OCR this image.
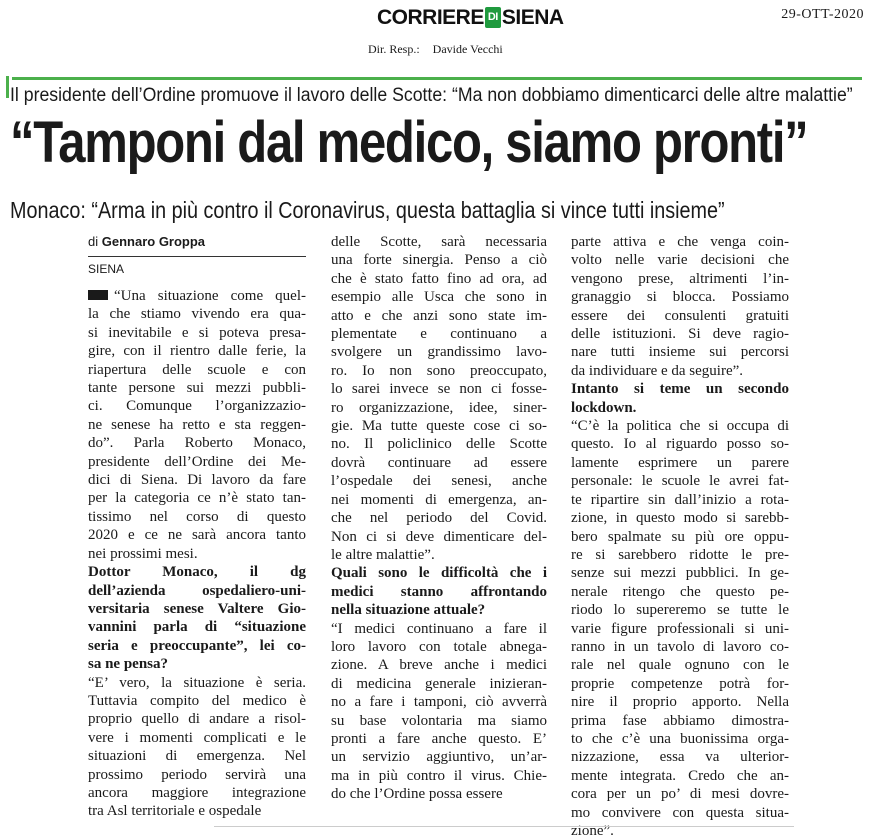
CORRIERE DI SIENA	29-OTT-2020
Dir. Resp.: Davide Vecchi
Il presidente dell’Ordine promuove il lavoro delle Scotte: “Ma non dobbiamo dimenticarci delle altre malattie”
“Tamponi dal medico, siamo pronti”
Monaco: “Arma in più contro il Coronavirus, questa battaglia si vince tutti insieme”
di Gennaro Groppa
SIENA

“Una situazione come quel-
la che stiamo vivendo era qua-
si inevitabile e si poteva presa-
gire, con il rientro dalle ferie, la
riapertura delle scuole e con
tante persone sui mezzi pubbli-
ci. Comunque l’organizzazio-
ne senese ha retto e sta reggen-
do”. Parla Roberto Monaco,
presidente dell’Ordine dei Me-
dici di Siena. Di lavoro da fare
per la categoria ce n’è stato tan-
tissimo nel corso di questo
2020 e ce ne sarà ancora tanto
nei prossimi mesi.

Dottor Monaco, il dg
dell’azienda ospedaliero-uni-
versitaria senese Valtere Gio-
vannini parla di “situazione
seria e preoccupante”, lei co-
sa ne pensa?

“E’ vero, la situazione è seria.
Tuttavia compito del medico è
proprio quello di andare a risol-
vere i momenti complicati e le
situazioni di emergenza. Nel
prossimo periodo servirà una
ancora maggiore integrazione
tra Asl territoriale e ospedale

delle Scotte, sarà necessaria
una forte sinergia. Penso a ciò
che è stato fatto fino ad ora, ad
esempio alle Usca che sono in
atto e che anzi sono state im-
plementate e continuano a
svolgere un grandissimo lavo-
ro. Io non sono preoccupato,
lo sarei invece se non ci fosse-
ro organizzazione, idee, siner-
gie. Ma tutte queste cose ci so-
no. Il policlinico delle Scotte
dovrà continuare ad essere
l’ospedale dei senesi, anche
nei momenti di emergenza, an-
che nel periodo del Covid.
Non ci si deve dimenticare del-
le altre malattie”.

Quali sono le difficoltà che i
medici stanno affrontando
nella situazione attuale?

“I medici continuano a fare il
loro lavoro con totale abnega-
zione. A breve anche i medici
di medicina generale inizieran-
no a fare i tamponi, ciò avverrà
su base volontaria ma siamo
pronti a fare anche questo. E’
un servizio aggiuntivo, un’ar-
ma in più contro il virus. Chie-
do che l’Ordine possa essere

parte attiva e che venga coin-
volto nelle varie decisioni che
vengono prese, altrimenti l’in-
granaggio si blocca. Possiamo
essere dei consulenti gratuiti
delle istituzioni. Si deve ragio-
nare tutti insieme sui percorsi
da individuare e da seguire”.

Intanto si teme un secondo
lockdown.

“C’è la politica che si occupa di
questo. Io al riguardo posso so-
lamente esprimere un parere
personale: le scuole le avrei fat-
te ripartire sin dall’inizio a rota-
zione, in questo modo si sarebb-
bero spalmate su più ore oppu-
re si sarebbero ridotte le pre-
senze sui mezzi pubblici. In ge-
nerale ritengo che questo pe-
riodo lo supereremo se tutte le
varie figure professionali si uni-
ranno in un tavolo di lavoro co-
rale nel quale ognuno con le
proprie competenze potrà for-
nire il proprio apporto. Nella
prima fase abbiamo dimostra-
to che c’è una buonissima orga-
nizzazione, essa va ulterior-
mente integrata. Credo che an-
cora per un po’ di mesi dovre-
mo convivere con questa situa-
zione”.
